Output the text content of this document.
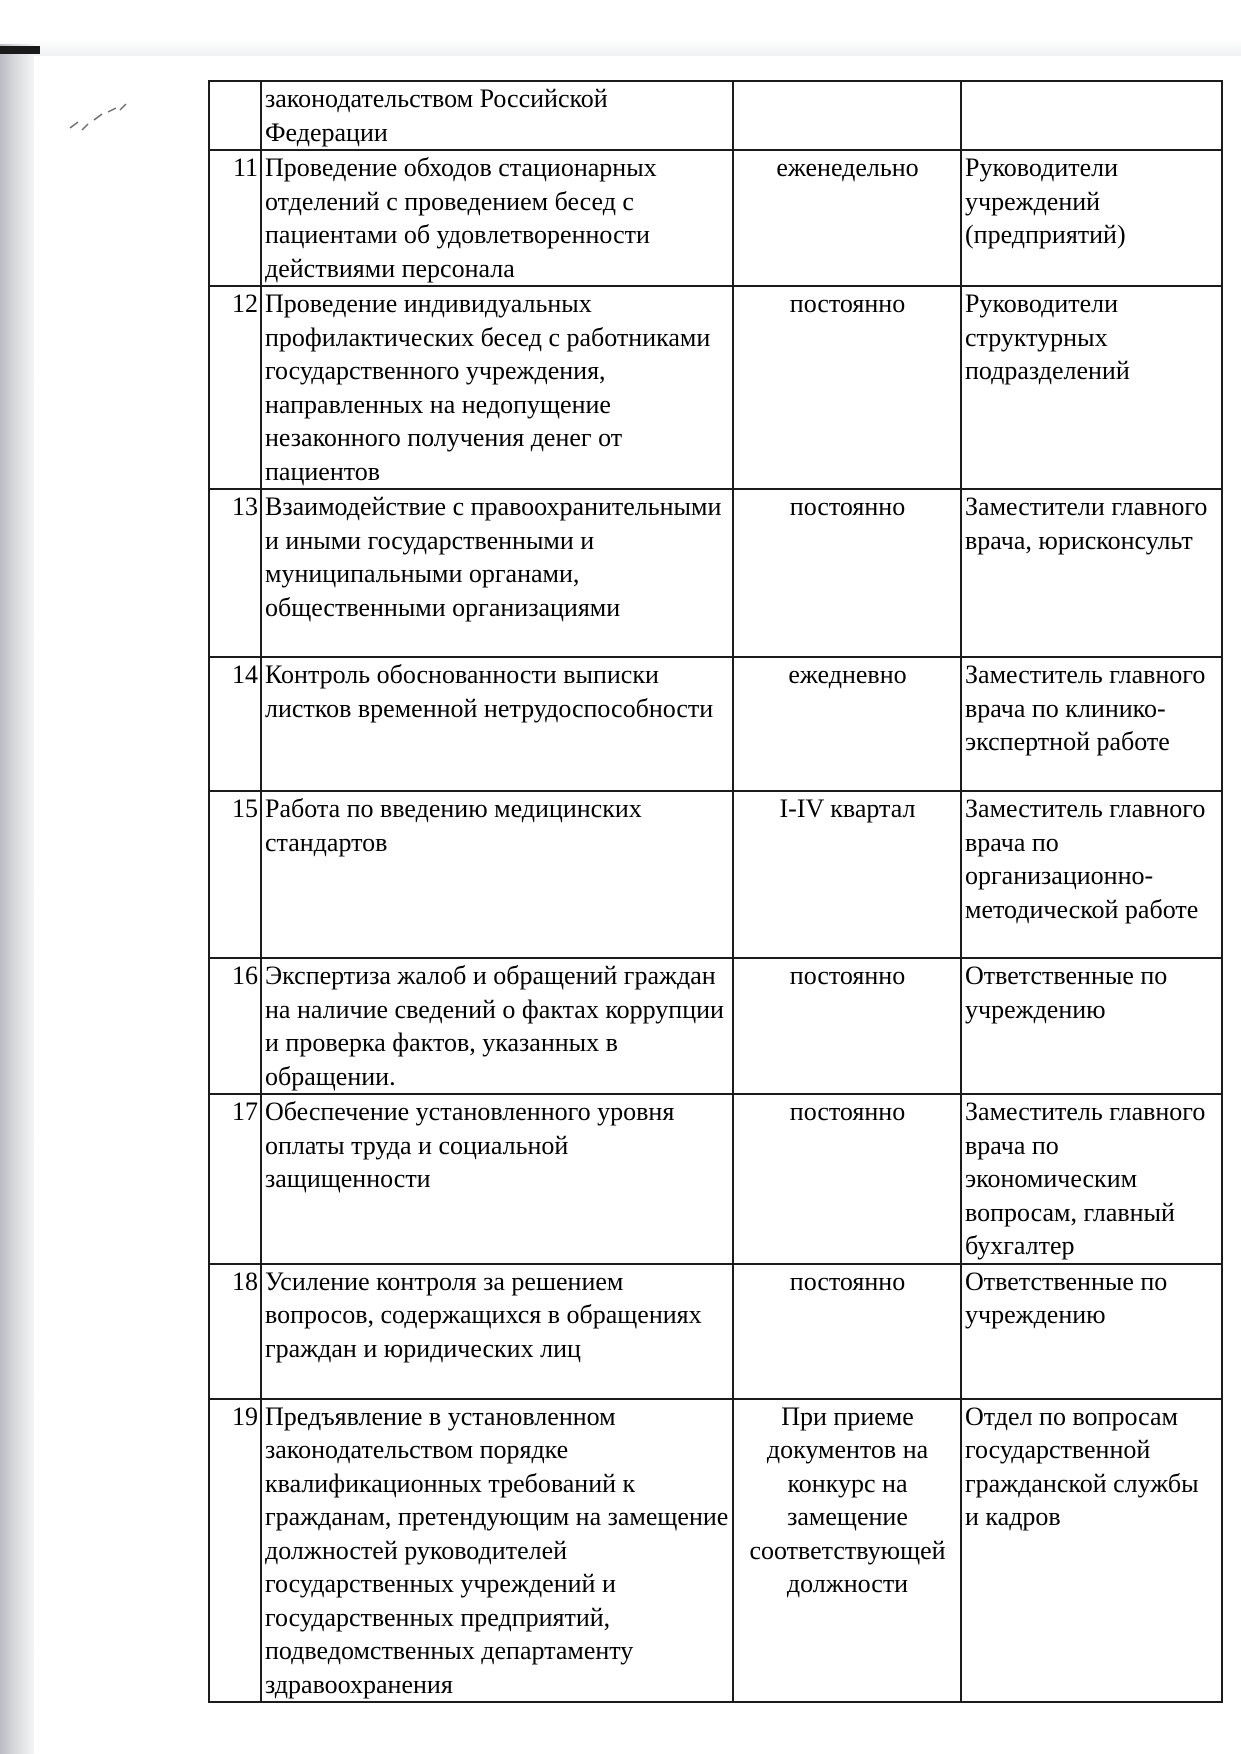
	законодательством Российской Федерации		
11	Проведение обходов стационарных отделений с проведением бесед с пациентами об удовлетворенности действиями персонала	еженедельно	Руководители учреждений (предприятий)
12	Проведение индивидуальных профилактических бесед с работниками государственного учреждения, направленных на недопущение незаконного получения денег от пациентов	постоянно	Руководители структурных подразделений
13	Взаимодействие с правоохранительными и иными государственными и муниципальными органами, общественными организациями	постоянно	Заместители главного врача, юрисконсульт
14	Контроль обоснованности выписки листков временной нетрудоспособности	ежедневно	Заместитель главного врача по клинико-экспертной работе
15	Работа по введению медицинских стандартов	I-IV квартал	Заместитель главного врача по организационно-методической работе
16	Экспертиза жалоб и обращений граждан на наличие сведений о фактах коррупции и проверка фактов, указанных в обращении.	постоянно	Ответственные по учреждению
17	Обеспечение установленного уровня оплаты труда и социальной защищенности	постоянно	Заместитель главного врача по экономическим вопросам, главный бухгалтер
18	Усиление контроля за решением вопросов, содержащихся в обращениях граждан и юридических лиц	постоянно	Ответственные по учреждению
19	Предъявление в установленном законодательством порядке квалификационных требований к гражданам, претендующим на замещение должностей руководителей государственных учреждений и государственных предприятий, подведомственных департаменту здравоохранения	При приеме документов на конкурс на замещение соответствующей должности	Отдел по вопросам государственной гражданской службы и кадров
